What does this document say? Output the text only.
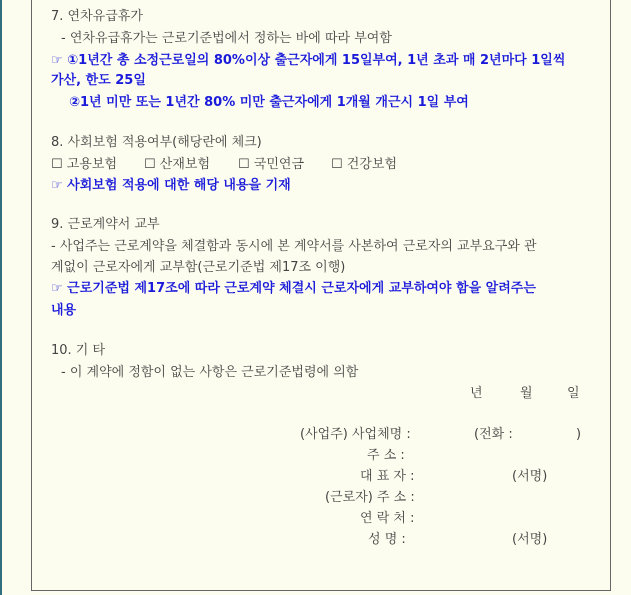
7. 연차유급휴가
- 연차유급휴가는 근로기준법에서 정하는 바에 따라 부여함
☞ ①1년간 총 소정근로일의 80%이상 출근자에게 15일부여, 1년 초과 매 2년마다 1일씩
가산, 한도 25일
②1년 미만 또는 1년간 80% 미만 출근자에게 1개월 개근시 1일 부여
8. 사회보험 적용여부(해당란에 체크)
☐ 고용보험 ☐ 산재보험 ☐ 국민연금 ☐ 건강보험
☞ 사회보험 적용에 대한 해당 내용을 기재
9. 근로계약서 교부
- 사업주는 근로계약을 체결함과 동시에 본 계약서를 사본하여 근로자의 교부요구와 관
계없이 근로자에게 교부함(근로기준법 제17조 이행)
☞ 근로기준법 제17조에 따라 근로계약 체결시 근로자에게 교부하여야 함을 알려주는
내용
10. 기 타
- 이 계약에 정함이 없는 사항은 근로기준법령에 의함
년	월	일
(사업주) 사업체명 :	(전화 :	)
주 소 :
대 표 자 :	(서명)
(근로자) 주 소 :
연 락 처 :
성 명 :	(서명)
